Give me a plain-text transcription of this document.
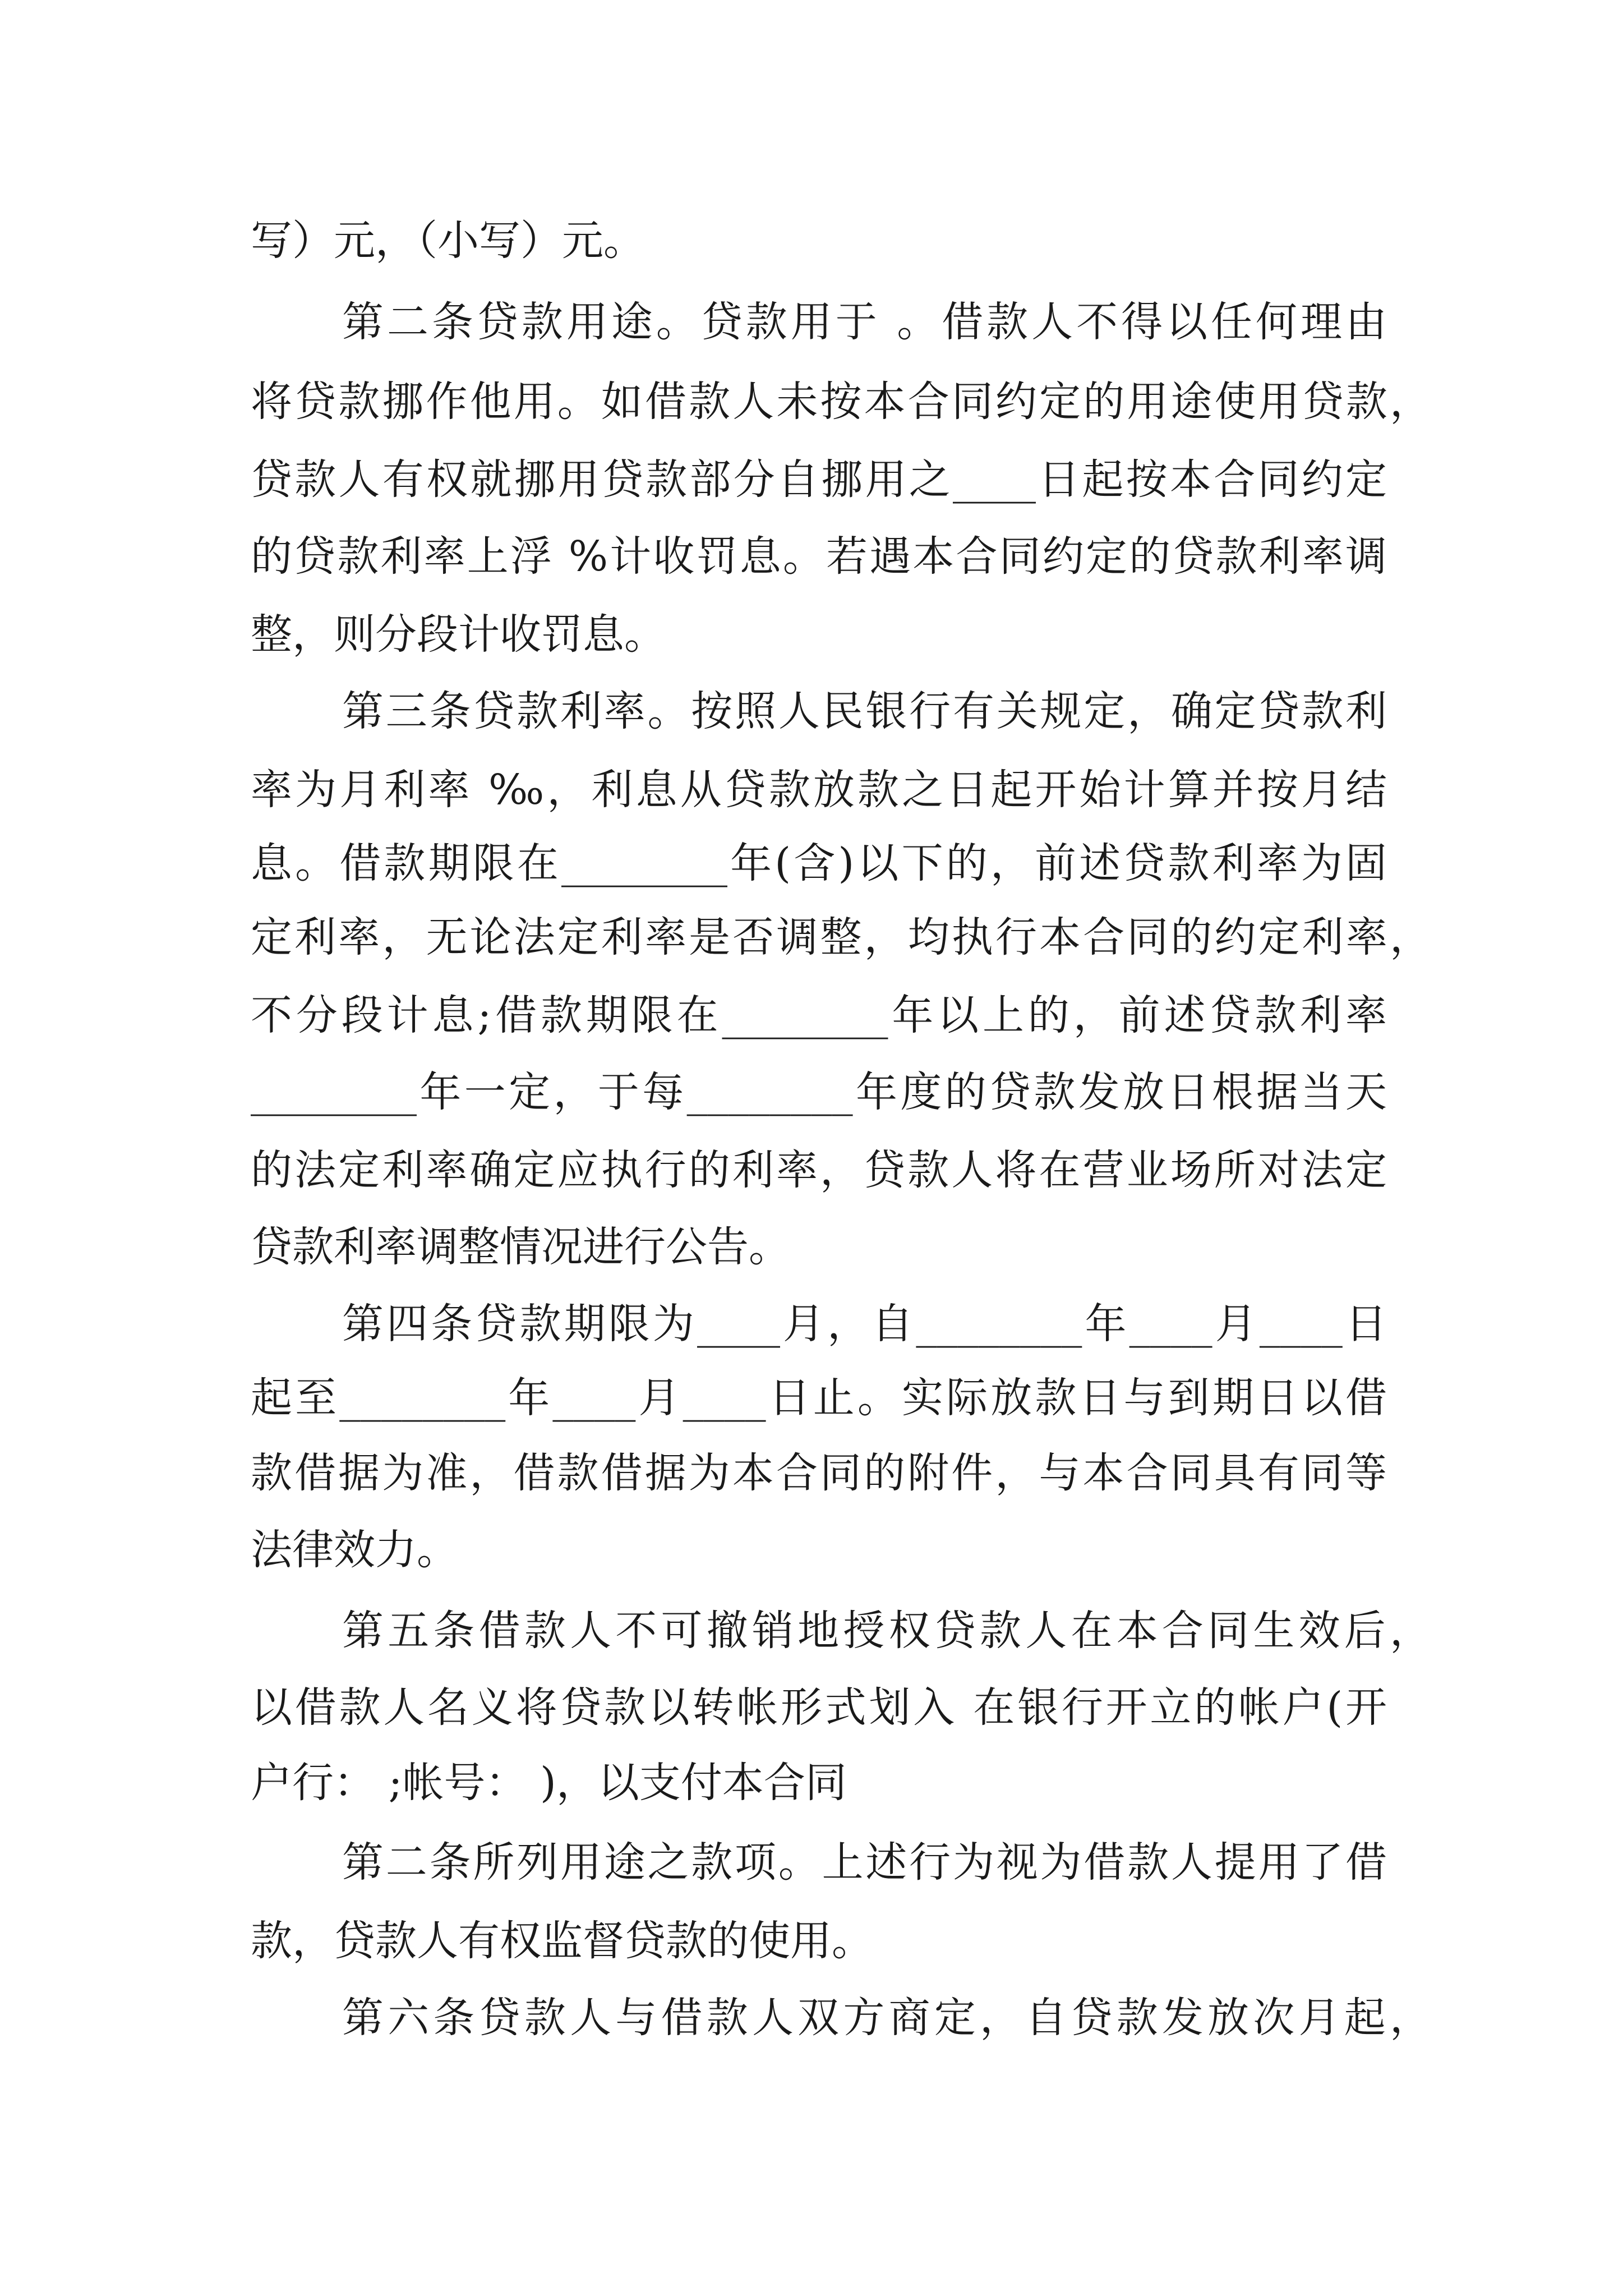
写）元，（小写）元。
第二条贷款用途。贷款用于 。借款人不得以任何理由
将贷款挪作他用。如借款人未按本合同约定的用途使用贷款，
贷款人有权就挪用贷款部分自挪用之____日起按本合同约定
的贷款利率上浮 %计收罚息。若遇本合同约定的贷款利率调
整，则分段计收罚息。
第三条贷款利率。按照人民银行有关规定，确定贷款利
率为月利率 ‰，利息从贷款放款之日起开始计算并按月结
息。借款期限在________年(含)以下的，前述贷款利率为固
定利率，无论法定利率是否调整，均执行本合同的约定利率，
不分段计息;借款期限在________年以上的，前述贷款利率
________年一定，于每________年度的贷款发放日根据当天
的法定利率确定应执行的利率，贷款人将在营业场所对法定
贷款利率调整情况进行公告。
第四条贷款期限为____月，自________年____月____日
起至________年____月____日止。实际放款日与到期日以借
款借据为准，借款借据为本合同的附件，与本合同具有同等
法律效力。
第五条借款人不可撤销地授权贷款人在本合同生效后，
以借款人名义将贷款以转帐形式划入 在银行开立的帐户(开
户行： ;帐号： )，以支付本合同
第二条所列用途之款项。上述行为视为借款人提用了借
款，贷款人有权监督贷款的使用。
第六条贷款人与借款人双方商定，自贷款发放次月起，
